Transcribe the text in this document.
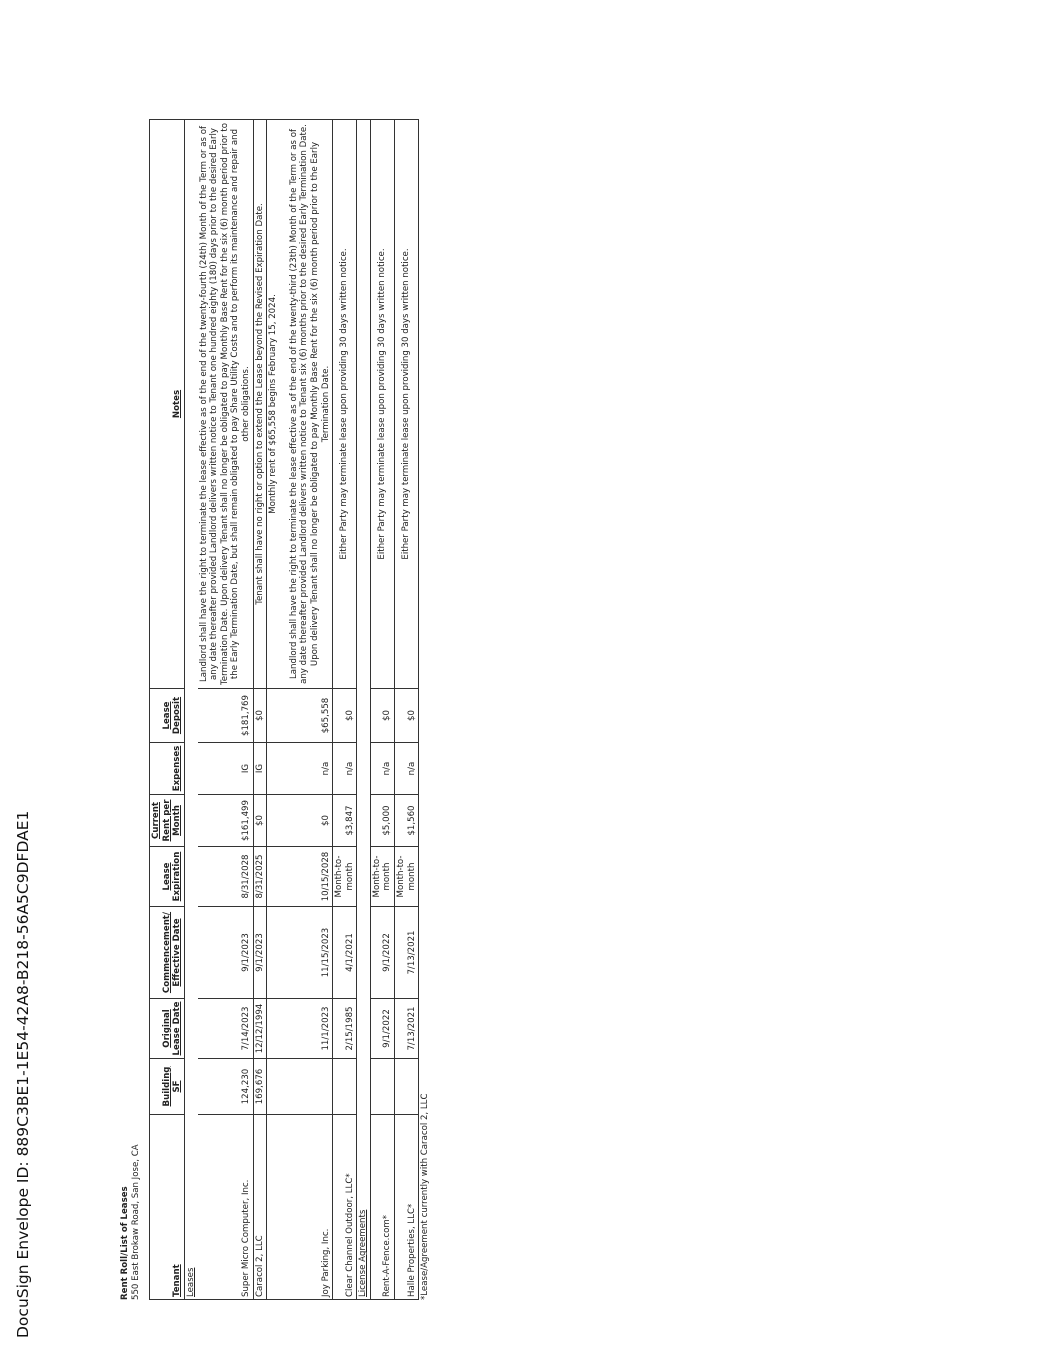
DocuSign Envelope ID: 889C3BE1-1E54-42A8-B218-56A5C9DFDAE1	Rent Roll/List of Leases 550 East Brokaw Road, San Jose, CA	Tenant	Building SF	Original Lease Date	Commencement/ Effective Date	Lease Expiration	Current Rent per Month	Expenses	Lease Deposit	Notes
Leases								
Super Micro Computer, Inc.	124,230	7/14/2023	9/1/2023	8/31/2028	$161,499	IG	$181,769	Landlord shall have the right to terminate the lease effective as of the end of the twenty-fourth (24th) Month of the Term or as of any date thereafter provided Landlord delivers written notice to Tenant one hundred eighty (180) days prior to the desired Early Termination Date. Upon delivery Tenant shall no longer be obligated to pay Monthly Base Rent for the six (6) month period prior to the Early Termination Date, but shall remain obligated to pay Share Utility Costs and to perform its maintenance and repair and other obligations.
Caracol 2, LLC	169,676	12/12/1994	9/1/2023	8/31/2025	$0	IG	$0	Tenant shall have no right or option to extend the Lease beyond the Revised Expiration Date.
Joy Parking, Inc.		11/1/2023	11/15/2023	10/15/2028	$0	n/a	$65,558	Monthly rent of $65,558 begins February 15, 2024. Landlord shall have the right to terminate the lease effective as of the end of the twenty-third (23th) Month of the Term or as of any date thereafter provided Landlord delivers written notice to Tenant six (6) months prior to the desired Early Termination Date. Upon delivery Tenant shall no longer be obligated to pay Monthly Base Rent for the six (6) month period prior to the Early Termination Date.

Clear Channel Outdoor, LLC*		2/15/1985	4/1/2021	Month-to-month	$3,847	n/a	$0	Either Party may terminate lease upon providing 30 days written notice.
License Agreements								
Rent-A-Fence.com*		9/1/2022	9/1/2022	Month-to-month	$5,000	n/a	$0	Either Party may terminate lease upon providing 30 days written notice.
Halle Properties, LLC*		7/13/2021	7/13/2021	Month-to-month	$1,560	n/a	$0	Either Party may terminate lease upon providing 30 days written notice.
*Lease/Agreement currently with Caracol 2, LLC
